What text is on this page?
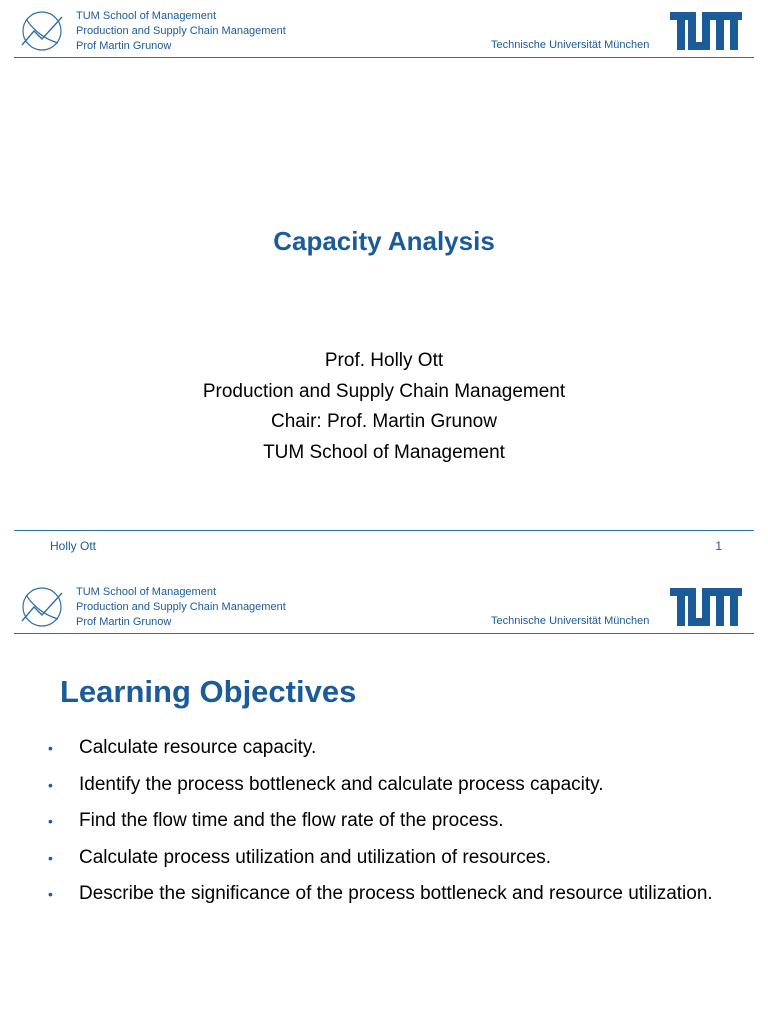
TUM School of Management
Production and Supply Chain Management
Prof Martin Grunow	Technische Universität München
Capacity Analysis
Prof. Holly Ott
Production and Supply Chain Management
Chair: Prof. Martin Grunow
TUM School of Management
Holly Ott	1
TUM School of Management
Production and Supply Chain Management
Prof Martin Grunow	Technische Universität München
Learning Objectives
• Calculate resource capacity.
• Identify the process bottleneck and calculate process capacity.
• Find the flow time and the flow rate of the process.
• Calculate process utilization and utilization of resources.
• Describe the significance of the process bottleneck and resource utilization.
